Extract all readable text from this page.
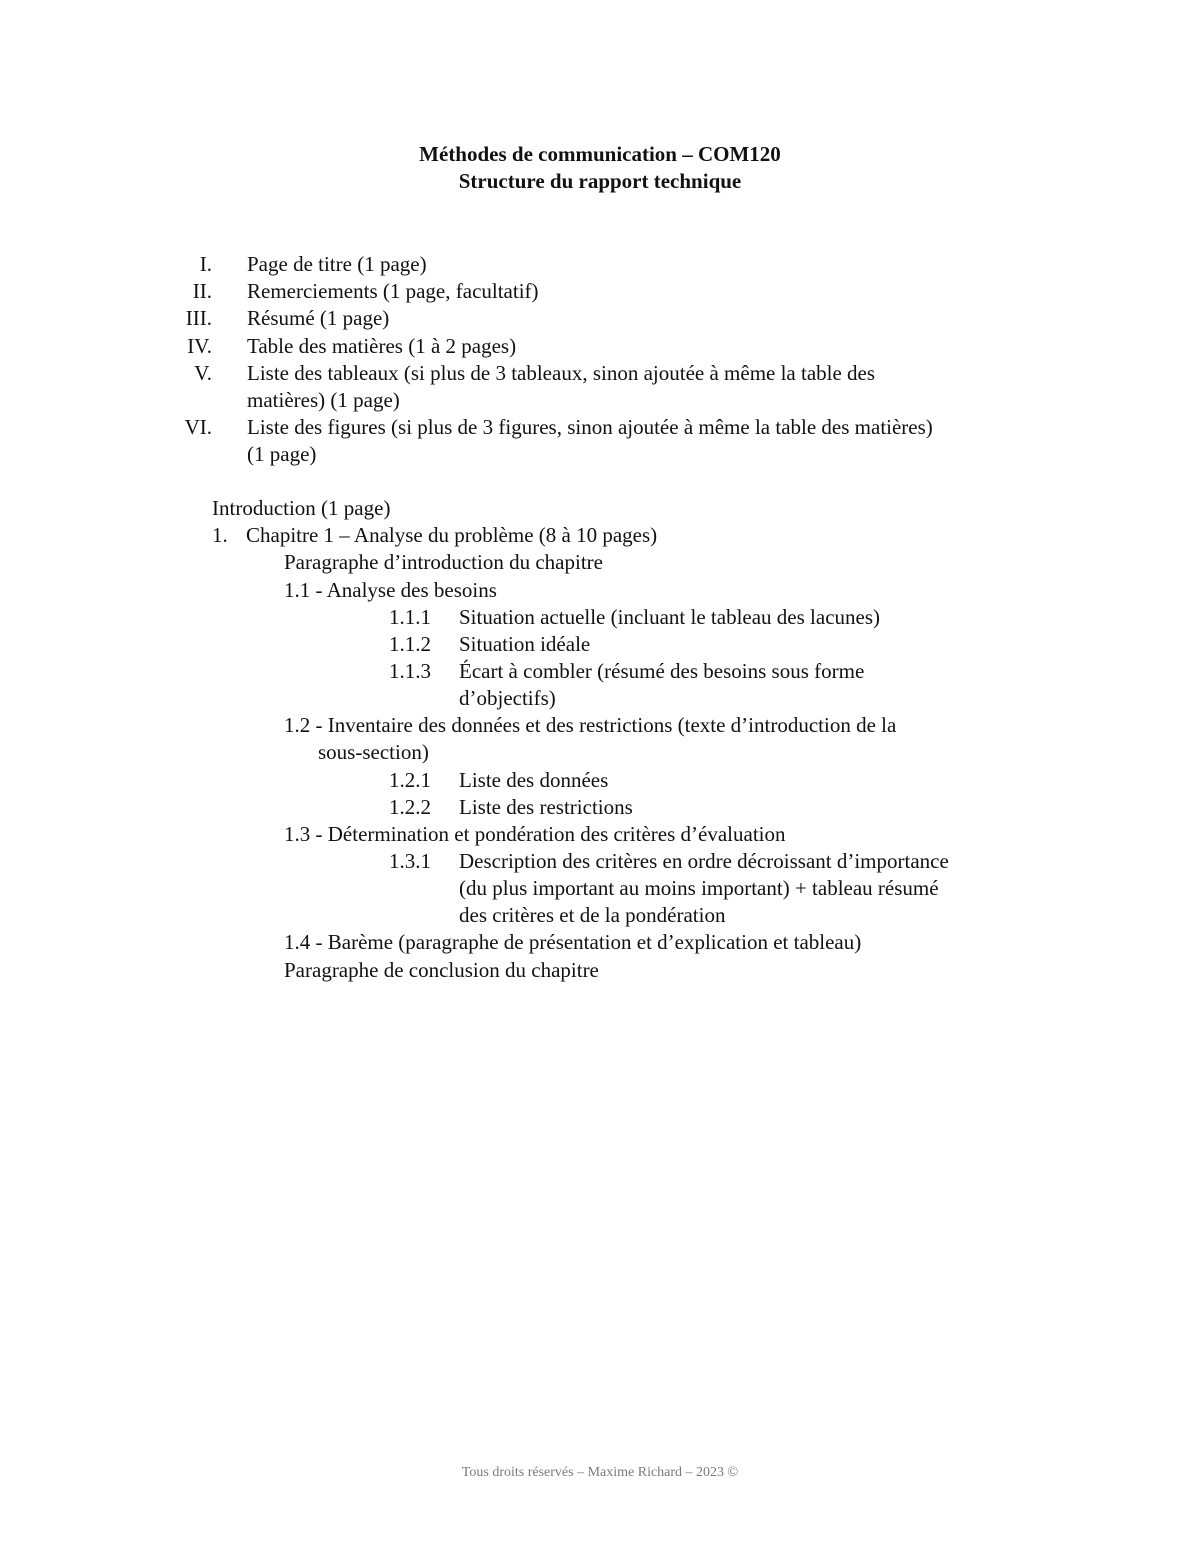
Méthodes de communication – COM120
Structure du rapport technique
I. Page de titre (1 page)
II. Remerciements (1 page, facultatif)
III. Résumé (1 page)
IV. Table des matières (1 à 2 pages)
V. Liste des tableaux (si plus de 3 tableaux, sinon ajoutée à même la table des
matières) (1 page)
VI. Liste des figures (si plus de 3 figures, sinon ajoutée à même la table des matières)
(1 page)
Introduction (1 page)
1. Chapitre 1 – Analyse du problème (8 à 10 pages)
Paragraphe d’introduction du chapitre
1.1 - Analyse des besoins
1.1.1 Situation actuelle (incluant le tableau des lacunes)
1.1.2 Situation idéale
1.1.3 Écart à combler (résumé des besoins sous forme
d’objectifs)
1.2 - Inventaire des données et des restrictions (texte d’introduction de la
sous-section)
1.2.1 Liste des données
1.2.2 Liste des restrictions
1.3 - Détermination et pondération des critères d’évaluation
1.3.1 Description des critères en ordre décroissant d’importance
(du plus important au moins important) + tableau résumé
des critères et de la pondération
1.4 - Barème (paragraphe de présentation et d’explication et tableau)
Paragraphe de conclusion du chapitre
Tous droits réservés – Maxime Richard – 2023 ©
